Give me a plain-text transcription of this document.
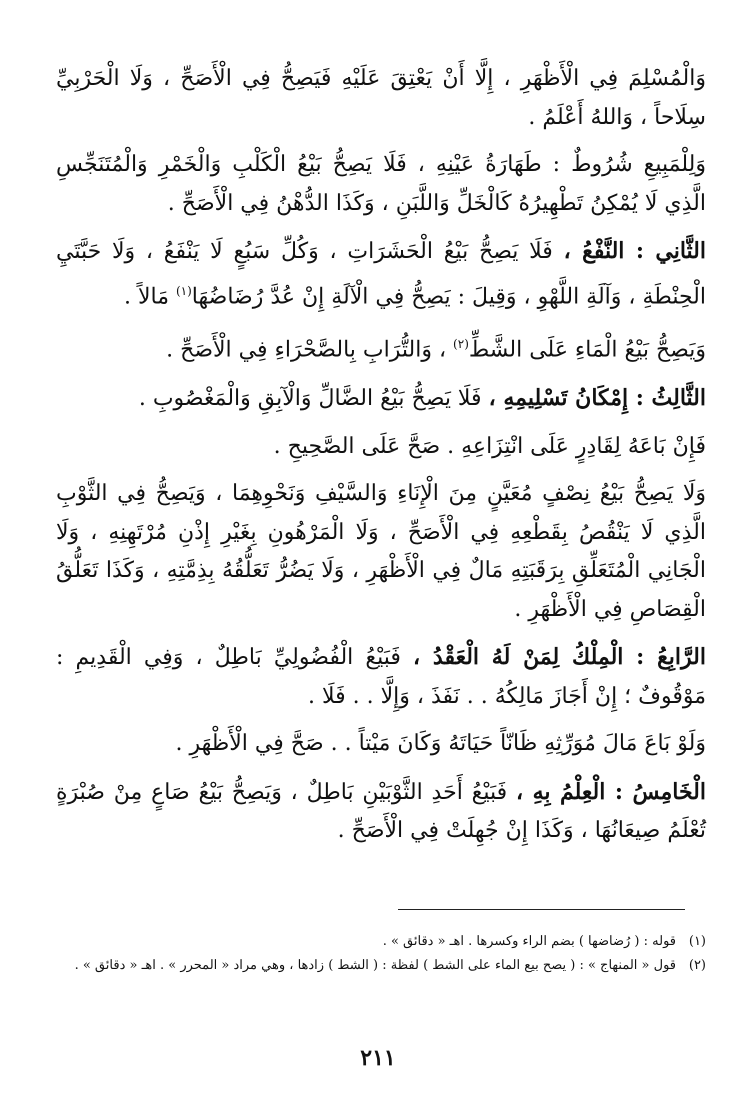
وَالْمُسْلِمَ فِي الْأَظْهَرِ ، إِلَّا أَنْ يَعْتِقَ عَلَيْهِ فَيَصِحُّ فِي الْأَصَحِّ ، وَلَا الْحَرْبِيِّ سِلَاحاً ، وَاللهُ أَعْلَمُ .

وَلِلْمَبِيعِ شُرُوطٌ : طَهَارَةُ عَيْنِهِ ، فَلَا يَصِحُّ بَيْعُ الْكَلْبِ وَالْخَمْرِ وَالْمُتَنَجِّسِ الَّذِي لَا يُمْكِنُ تَطْهِيرُهُ كَالْخَلِّ وَاللَّبَنِ ، وَكَذَا الدُّهْنُ فِي الْأَصَحِّ .

الثَّانِي : النَّفْعُ ، فَلَا يَصِحُّ بَيْعُ الْحَشَرَاتِ ، وَكُلِّ سَبُعٍ لَا يَنْفَعُ ، وَلَا حَبَّتَيِ الْحِنْطَةِ ، وَآلَةِ اللَّهْوِ ، وَقِيلَ : يَصِحُّ فِي الْآلَةِ إِنْ عُدَّ رُضَاضُهَا$^{(١)}$ مَالاً .

وَيَصِحُّ بَيْعُ الْمَاءِ عَلَى الشَّطِّ$^{(٢)}$ ، وَالتُّرَابِ بِالصَّحْرَاءِ فِي الْأَصَحِّ .

الثَّالِثُ : إِمْكَانُ تَسْلِيمِهِ ، فَلَا يَصِحُّ بَيْعُ الضَّالِّ وَالْآبِقِ وَالْمَغْصُوبِ .

فَإِنْ بَاعَهُ لِقَادِرٍ عَلَى انْتِزَاعِهِ . صَحَّ عَلَى الصَّحِيحِ .

وَلَا يَصِحُّ بَيْعُ نِصْفٍ مُعَيَّنٍ مِنَ الْإِنَاءِ وَالسَّيْفِ وَنَحْوِهِمَا ، وَيَصِحُّ فِي الثَّوْبِ الَّذِي لَا يَنْقُصُ بِقَطْعِهِ فِي الْأَصَحِّ ، وَلَا الْمَرْهُونِ بِغَيْرِ إِذْنِ مُرْتَهِنِهِ ، وَلَا الْجَانِي الْمُتَعَلِّقِ بِرَقَبَتِهِ مَالٌ فِي الْأَظْهَرِ ، وَلَا يَضُرُّ تَعَلُّقُهُ بِذِمَّتِهِ ، وَكَذَا تَعَلُّقُ الْقِصَاصِ فِي الْأَظْهَرِ .

الرَّابِعُ : الْمِلْكُ لِمَنْ لَهُ الْعَقْدُ ، فَبَيْعُ الْفُضُولِيِّ بَاطِلٌ ، وَفِي الْقَدِيمِ : مَوْقُوفٌ ؛ إِنْ أَجَازَ مَالِكُهُ . . نَفَذَ ، وَإِلَّا . . فَلَا .

وَلَوْ بَاعَ مَالَ مُوَرِّثِهِ ظَانّاً حَيَاتَهُ وَكَانَ مَيْتاً . . صَحَّ فِي الْأَظْهَرِ .

الْخَامِسُ : الْعِلْمُ بِهِ ، فَبَيْعُ أَحَدِ الثَّوْبَيْنِ بَاطِلٌ ، وَيَصِحُّ بَيْعُ صَاعٍ مِنْ صُبْرَةٍ تُعْلَمُ صِيعَانُهَا ، وَكَذَا إِنْ جُهِلَتْ فِي الْأَصَحِّ .

(١)قوله : ( رُضاضها ) بضم الراء وكسرها . اهـ « دقائق » .

(٢)قول « المنهاج » : ( يصح بيع الماء على الشط ) لفظة : ( الشط ) زادها ، وهي مراد « المحرر » . اهـ « دقائق » .

٢١١
